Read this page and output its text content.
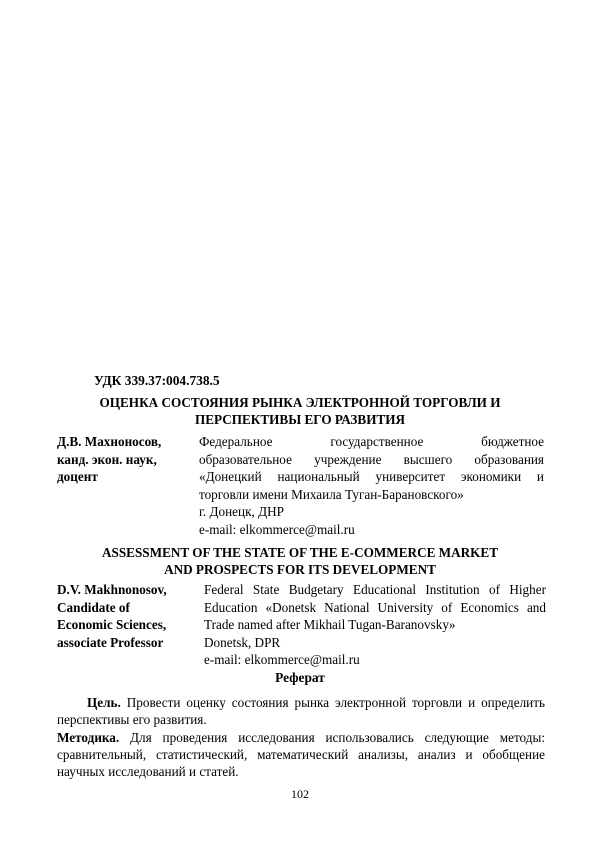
УДК 339.37:004.738.5
ОЦЕНКА СОСТОЯНИЯ РЫНКА ЭЛЕКТРОННОЙ ТОРГОВЛИ И
ПЕРСПЕКТИВЫ ЕГО РАЗВИТИЯ
Д.В. Махноносов,
канд. экон. наук,
доцент
Федеральное государственное бюджетное
образовательное учреждение высшего образования
«Донецкий национальный университет экономики и
торговли имени Михаила Туган-Барановского»
г. Донецк, ДНР
e-mail: elkommerce@mail.ru
ASSESSMENT OF THE STATE OF THE E-COMMERCE MARKET
AND PROSPECTS FOR ITS DEVELOPMENT
D.V. Makhnonosov,
Candidate of
Economic Sciences,
associate Professor
Federal State Budgetary Educational Institution of Higher
Education «Donetsk National University of Economics and
Trade named after Mikhail Tugan-Baranovsky»
Donetsk, DPR
e-mail: elkommerce@mail.ru
Реферат
Цель. Провести оценку состояния рынка электронной торговли и определить перспективы его развития.
Методика. Для проведения исследования использовались следующие методы: сравнительный, статистический, математический анализы, анализ и обобщение научных исследований и статей.
102
